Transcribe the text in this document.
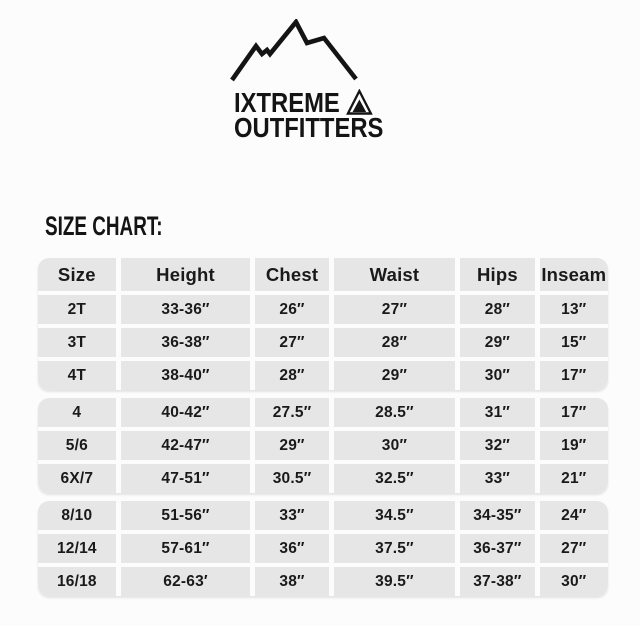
IXTREME
OUTFITTERS
SIZE CHART:
Size	Height	Chest	Waist	Hips	Inseam
2T	33-36″	26″	27″	28″	13″
3T	36-38″	27″	28″	29″	15″
4T	38-40″	28″	29″	30″	17″
4	40-42″	27.5″	28.5″	31″	17″
5/6	42-47″	29″	30″	32″	19″
6X/7	47-51″	30.5″	32.5″	33″	21″
8/10	51-56″	33″	34.5″	34-35″	24″
12/14	57-61″	36″	37.5″	36-37″	27″
16/18	62-63′	38″	39.5″	37-38″	30″
